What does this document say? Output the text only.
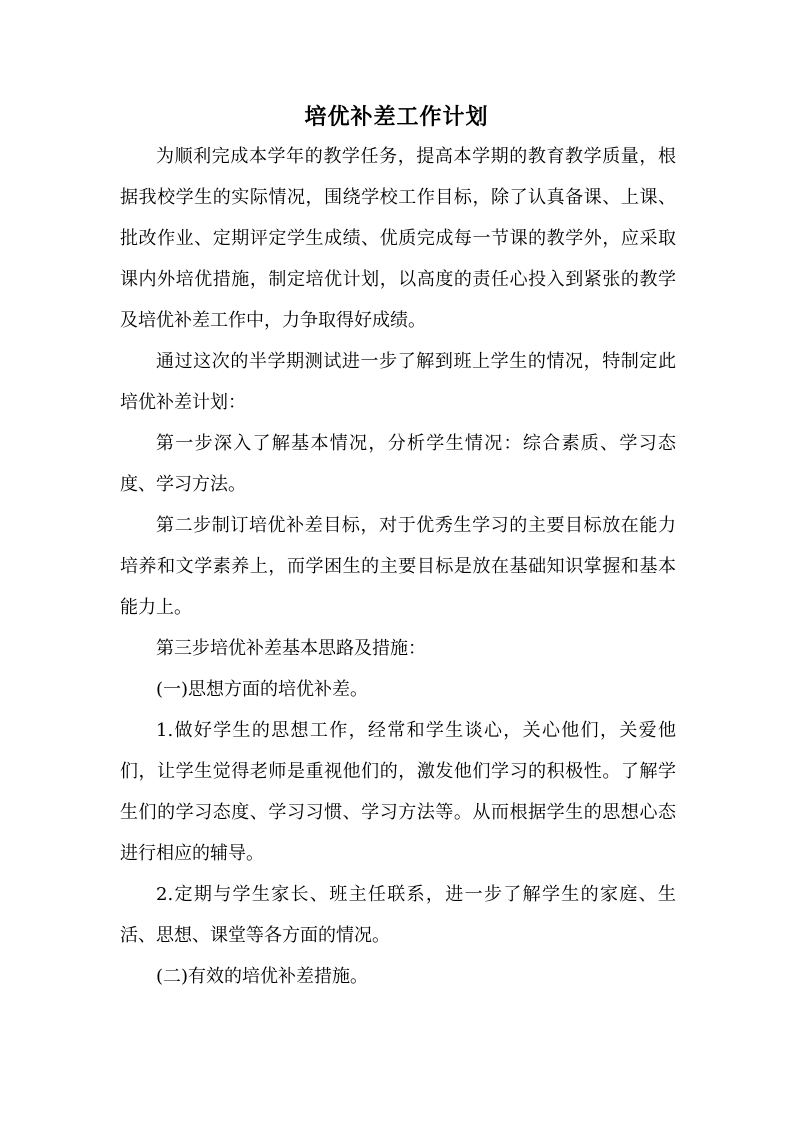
培优补差工作计划

为顺利完成本学年的教学任务，提高本学期的教育教学质量，根据我校学生的实际情况，围绕学校工作目标，除了认真备课、上课、批改作业、定期评定学生成绩、优质完成每一节课的教学外，应采取课内外培优措施，制定培优计划，以高度的责任心投入到紧张的教学及培优补差工作中，力争取得好成绩。

通过这次的半学期测试进一步了解到班上学生的情况，特制定此培优补差计划：

第一步深入了解基本情况，分析学生情况：综合素质、学习态度、学习方法。

第二步制订培优补差目标，对于优秀生学习的主要目标放在能力培养和文学素养上，而学困生的主要目标是放在基础知识掌握和基本能力上。

第三步培优补差基本思路及措施：

(一)思想方面的培优补差。

1.做好学生的思想工作，经常和学生谈心，关心他们，关爱他们，让学生觉得老师是重视他们的，激发他们学习的积极性。了解学生们的学习态度、学习习惯、学习方法等。从而根据学生的思想心态进行相应的辅导。

2.定期与学生家长、班主任联系，进一步了解学生的家庭、生活、思想、课堂等各方面的情况。

(二)有效的培优补差措施。
